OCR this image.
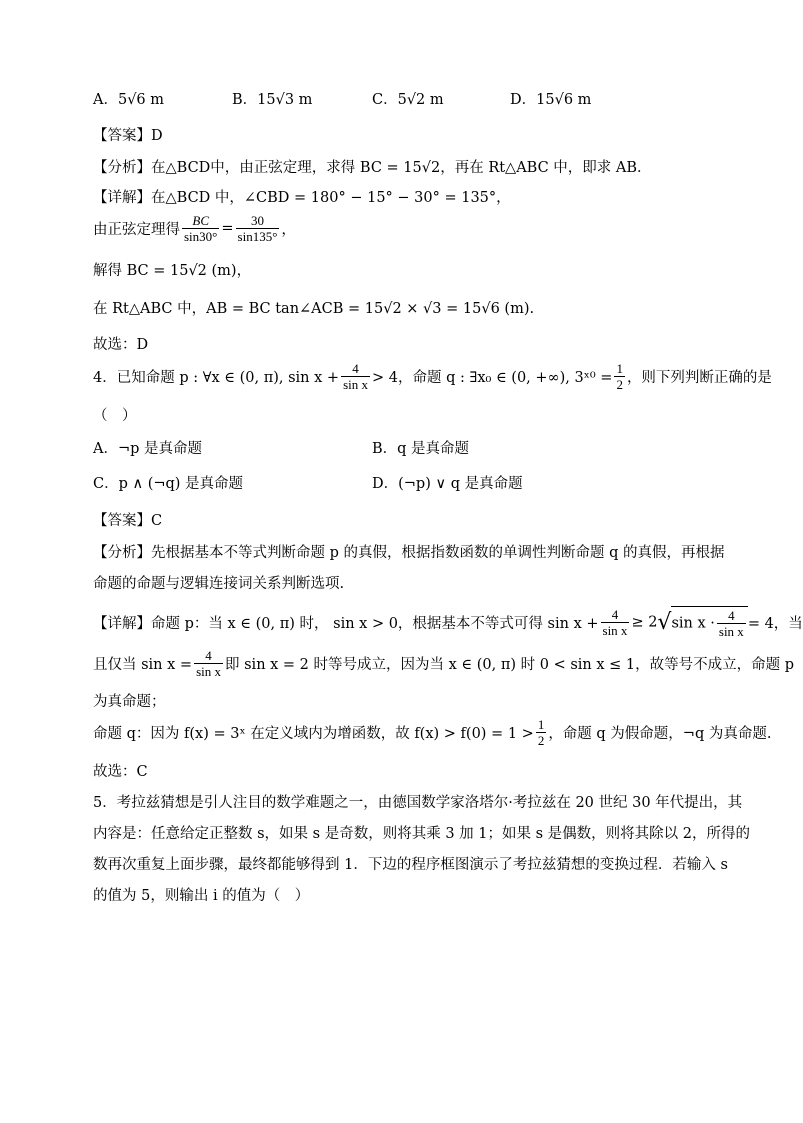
A．5√6 m	B．15√3 m	C．5√2 m	D．15√6 m
【答案】D
【分析】在△BCD中，由正弦定理，求得 BC = 15√2，再在 Rt△ABC 中，即求 AB．
【详解】在△BCD 中，∠CBD = 180° − 15° − 30° = 135°，
由正弦定理得 $\frac{BC}{\sin 30^\circ} = \frac{30}{\sin 135^\circ}$ ，
解得 BC = 15√2 (m)，
在 Rt△ABC 中，AB = BC tan∠ACB = 15√2 × √3 = 15√6 (m).
故选：D
4．已知命题 p : ∀x ∈ (0, π), $\sin x + \frac{4}{\text{sin x}} > 4$，命题 q : ∃x₀ ∈ (0, +∞), 3ˣ⁰ = $\frac{1}{2}$ ，则下列判断正确的是
（　）
A．¬p 是真命题	B．q 是真命题
C．p ∧ (¬q) 是真命题	D．(¬p) ∨ q 是真命题
【答案】C
【分析】先根据基本不等式判断命题 p 的真假，根据指数函数的单调性判断命题 q 的真假，再根据
命题的命题与逻辑连接词关系判断选项.
【详解】命题 p：当 x ∈ (0, π) 时， sin x > 0，根据基本不等式可得 $\sin x + \frac{4}{\text{sin x}} \ge 2√\sin$ $x \cdot \frac{4}{\text{sin x}} = 4$，当
且仅当 $\sin x = \frac{4}{\text{sin x}}$ 即 sin x = 2 时等号成立，因为当 x ∈ (0, π) 时 0 < sin x ≤ 1，故等号不成立，命题 p
为真命题；
命题 q：因为 f(x) = 3ˣ 在定义域内为增函数，故 $f(x) > f(0) = 1 > \frac{1}{2}$ ，命题 q 为假命题，¬q 为真命题.
故选：C
5．考拉兹猜想是引人注目的数学难题之一，由德国数学家洛塔尔·考拉兹在 20 世纪 30 年代提出，其
内容是：任意给定正整数 s，如果 s 是奇数，则将其乘 3 加 1；如果 s 是偶数，则将其除以 2，所得的
数再次重复上面步骤，最终都能够得到 1．下边的程序框图演示了考拉兹猜想的变换过程．若输入 s
的值为 5，则输出 i 的值为（　）
